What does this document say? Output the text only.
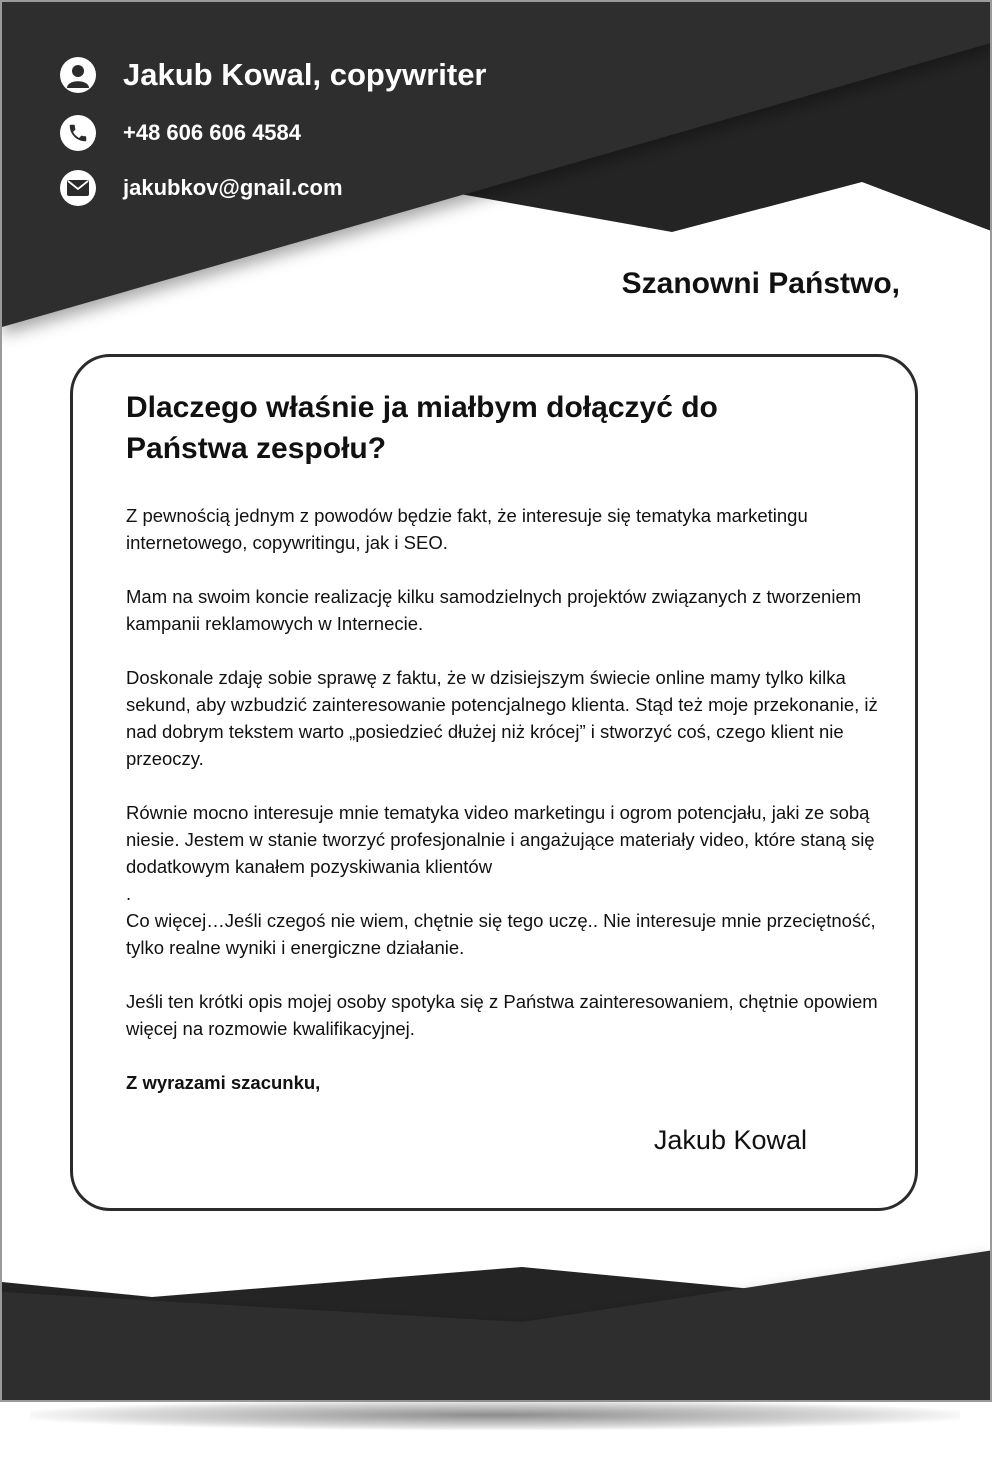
Jakub Kowal, copywriter
+48 606 606 4584
jakubkov@gnail.com
Szanowni Państwo,
Dlaczego właśnie ja miałbym dołączyć do Państwa zespołu?

Z pewnością jednym z powodów będzie fakt, że interesuje się tematyka marketingu internetowego, copywritingu, jak i SEO.

Mam na swoim koncie realizację kilku samodzielnych projektów związanych z tworzeniem kampanii reklamowych w Internecie.

Doskonale zdaję sobie sprawę z faktu, że w dzisiejszym świecie online mamy tylko kilka sekund, aby wzbudzić zainteresowanie potencjalnego klienta. Stąd też moje przekonanie, iż nad dobrym tekstem warto „posiedzieć dłużej niż krócej” i stworzyć coś, czego klient nie przeoczy.

Równie mocno interesuje mnie tematyka video marketingu i ogrom potencjału, jaki ze sobą niesie. Jestem w stanie tworzyć profesjonalnie i angażujące materiały video, które staną się dodatkowym kanałem pozyskiwania klientów

.

Co więcej…Jeśli czegoś nie wiem, chętnie się tego uczę.. Nie interesuje mnie przeciętność, tylko realne wyniki i energiczne działanie.

Jeśli ten krótki opis mojej osoby spotyka się z Państwa zainteresowaniem, chętnie opowiem więcej na rozmowie kwalifikacyjnej.

Z wyrazami szacunku,

Jakub Kowal
